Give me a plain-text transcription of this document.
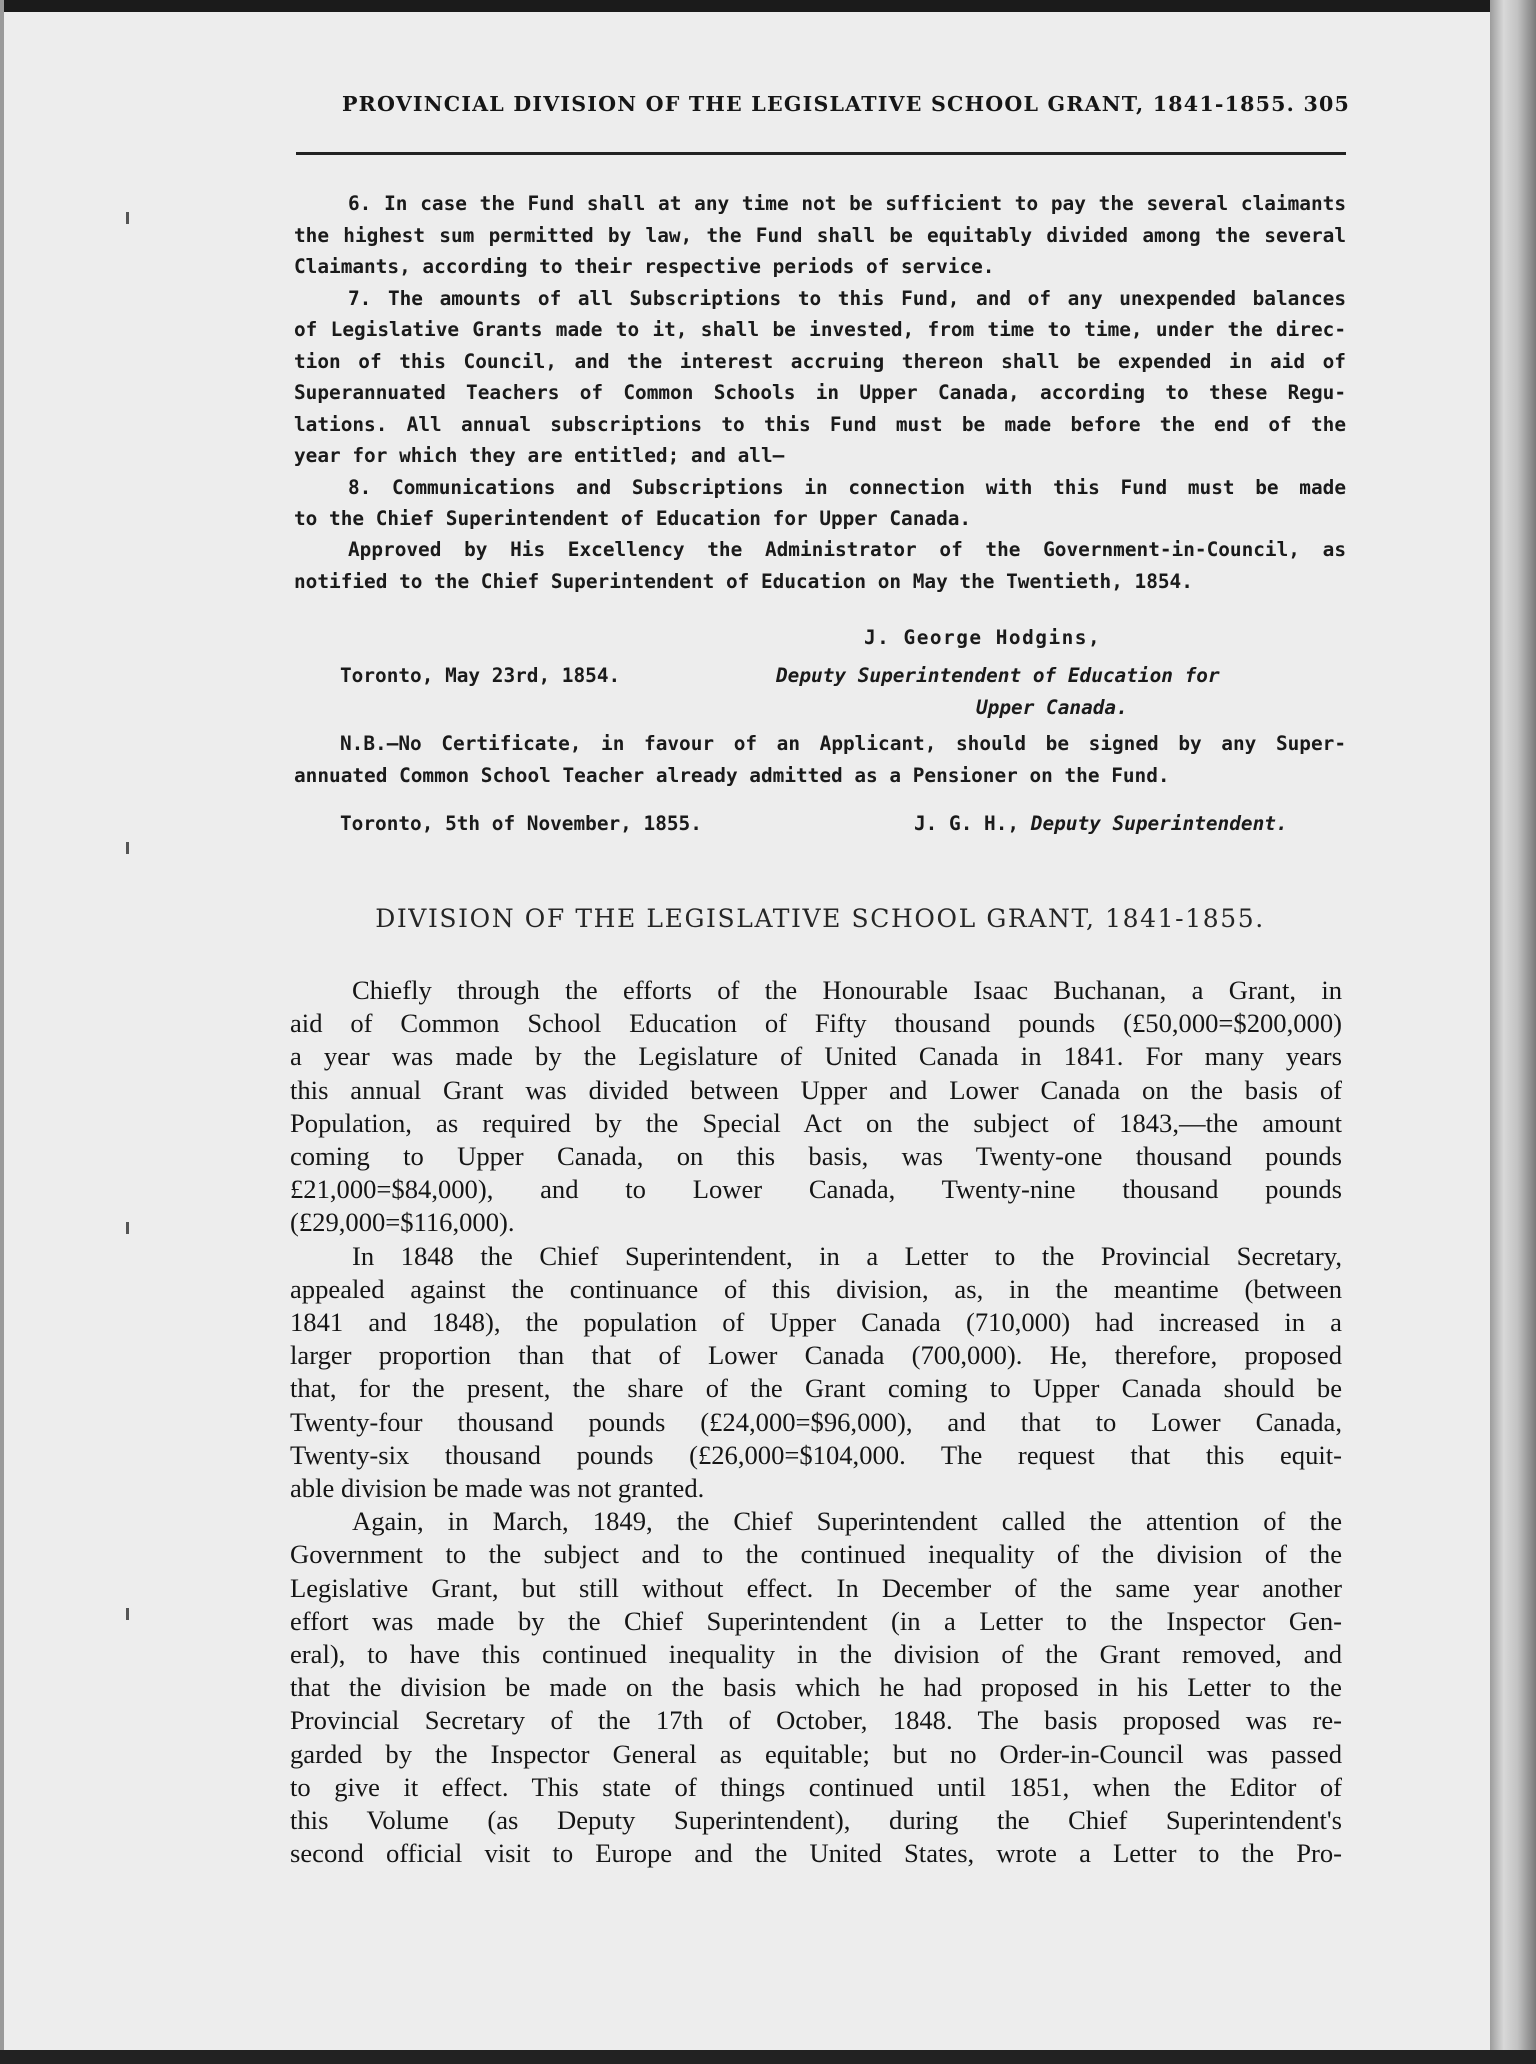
PROVINCIAL DIVISION OF THE LEGISLATIVE SCHOOL GRANT, 1841-1855. 305
6. In case the Fund shall at any time not be sufficient to pay the several claimants
the highest sum permitted by law, the Fund shall be equitably divided among the several
Claimants, according to their respective periods of service.
7. The amounts of all Subscriptions to this Fund, and of any unexpended balances
of Legislative Grants made to it, shall be invested, from time to time, under the direc-
tion of this Council, and the interest accruing thereon shall be expended in aid of
Superannuated Teachers of Common Schools in Upper Canada, according to these Regu-
lations. All annual subscriptions to this Fund must be made before the end of the
year for which they are entitled; and all—
8. Communications and Subscriptions in connection with this Fund must be made
to the Chief Superintendent of Education for Upper Canada.
Approved by His Excellency the Administrator of the Government-in-Council, as
notified to the Chief Superintendent of Education on May the Twentieth, 1854.
J. George Hodgins,
Toronto, May 23rd, 1854.	Deputy Superintendent of Education for
Upper Canada.
N.B.—No Certificate, in favour of an Applicant, should be signed by any Super-
annuated Common School Teacher already admitted as a Pensioner on the Fund.
Toronto, 5th of November, 1855.	J. G. H., Deputy Superintendent.
DIVISION OF THE LEGISLATIVE SCHOOL GRANT, 1841-1855.
Chiefly through the efforts of the Honourable Isaac Buchanan, a Grant, in
aid of Common School Education of Fifty thousand pounds (£50,000=$200,000)
a year was made by the Legislature of United Canada in 1841. For many years
this annual Grant was divided between Upper and Lower Canada on the basis of
Population, as required by the Special Act on the subject of 1843,—the amount
coming to Upper Canada, on this basis, was Twenty-one thousand pounds
£21,000=$84,000), and to Lower Canada, Twenty-nine thousand pounds
(£29,000=$116,000).
In 1848 the Chief Superintendent, in a Letter to the Provincial Secretary,
appealed against the continuance of this division, as, in the meantime (between
1841 and 1848), the population of Upper Canada (710,000) had increased in a
larger proportion than that of Lower Canada (700,000). He, therefore, proposed
that, for the present, the share of the Grant coming to Upper Canada should be
Twenty-four thousand pounds (£24,000=$96,000), and that to Lower Canada,
Twenty-six thousand pounds (£26,000=$104,000. The request that this equit-
able division be made was not granted.
Again, in March, 1849, the Chief Superintendent called the attention of the
Government to the subject and to the continued inequality of the division of the
Legislative Grant, but still without effect. In December of the same year another
effort was made by the Chief Superintendent (in a Letter to the Inspector Gen-
eral), to have this continued inequality in the division of the Grant removed, and
that the division be made on the basis which he had proposed in his Letter to the
Provincial Secretary of the 17th of October, 1848. The basis proposed was re-
garded by the Inspector General as equitable; but no Order-in-Council was passed
to give it effect. This state of things continued until 1851, when the Editor of
this Volume (as Deputy Superintendent), during the Chief Superintendent's
second official visit to Europe and the United States, wrote a Letter to the Pro-
